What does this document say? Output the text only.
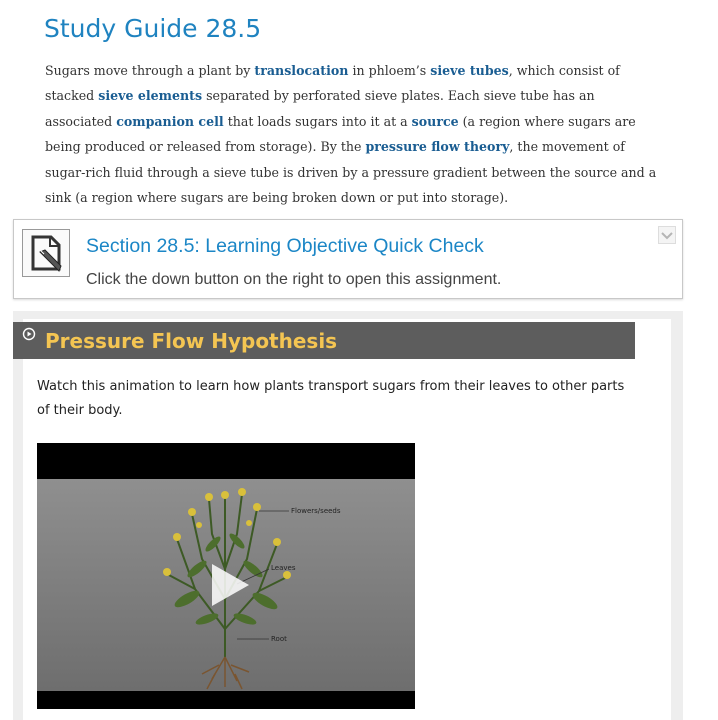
Study Guide 28.5
Sugars move through a plant by translocation in phloem’s sieve tubes, which consist of stacked sieve elements separated by perforated sieve plates. Each sieve tube has an associated companion cell that loads sugars into it at a source (a region where sugars are being produced or released from storage). By the pressure flow theory, the movement of sugar-rich fluid through a sieve tube is driven by a pressure gradient between the source and a sink (a region where sugars are being broken down or put into storage).
Section 28.5: Learning Objective Quick Check
Click the down button on the right to open this assignment.
Pressure Flow Hypothesis
Watch this animation to learn how plants transport sugars from their leaves to other parts of their body.
Flowers/seeds
Leaves
Root
